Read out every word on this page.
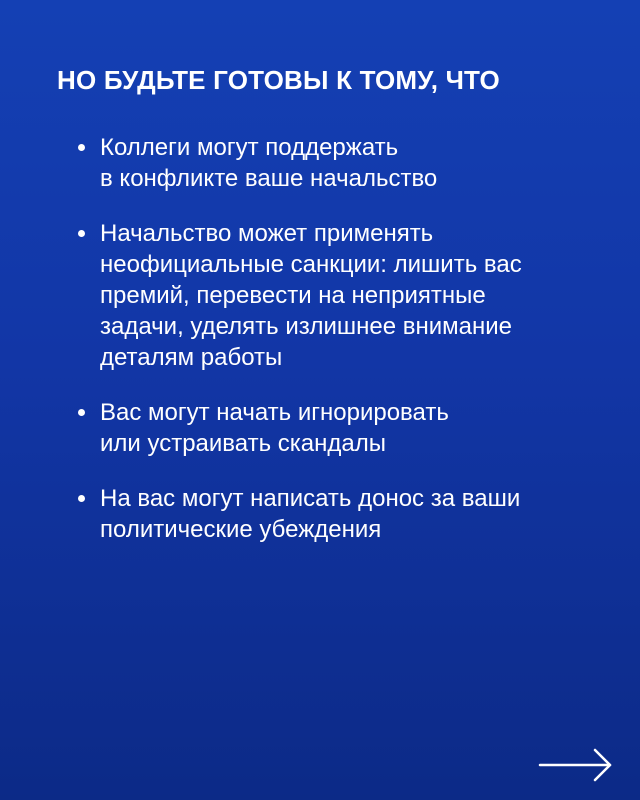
НО БУДЬТЕ ГОТОВЫ К ТОМУ, ЧТО
Коллеги могут поддержать
в конфликте ваше начальство
Начальство может применять
неофициальные санкции: лишить вас
премий, перевести на неприятные
задачи, уделять излишнее внимание
деталям работы
Вас могут начать игнорировать
или устраивать скандалы
На вас могут написать донос за ваши
политические убеждения
